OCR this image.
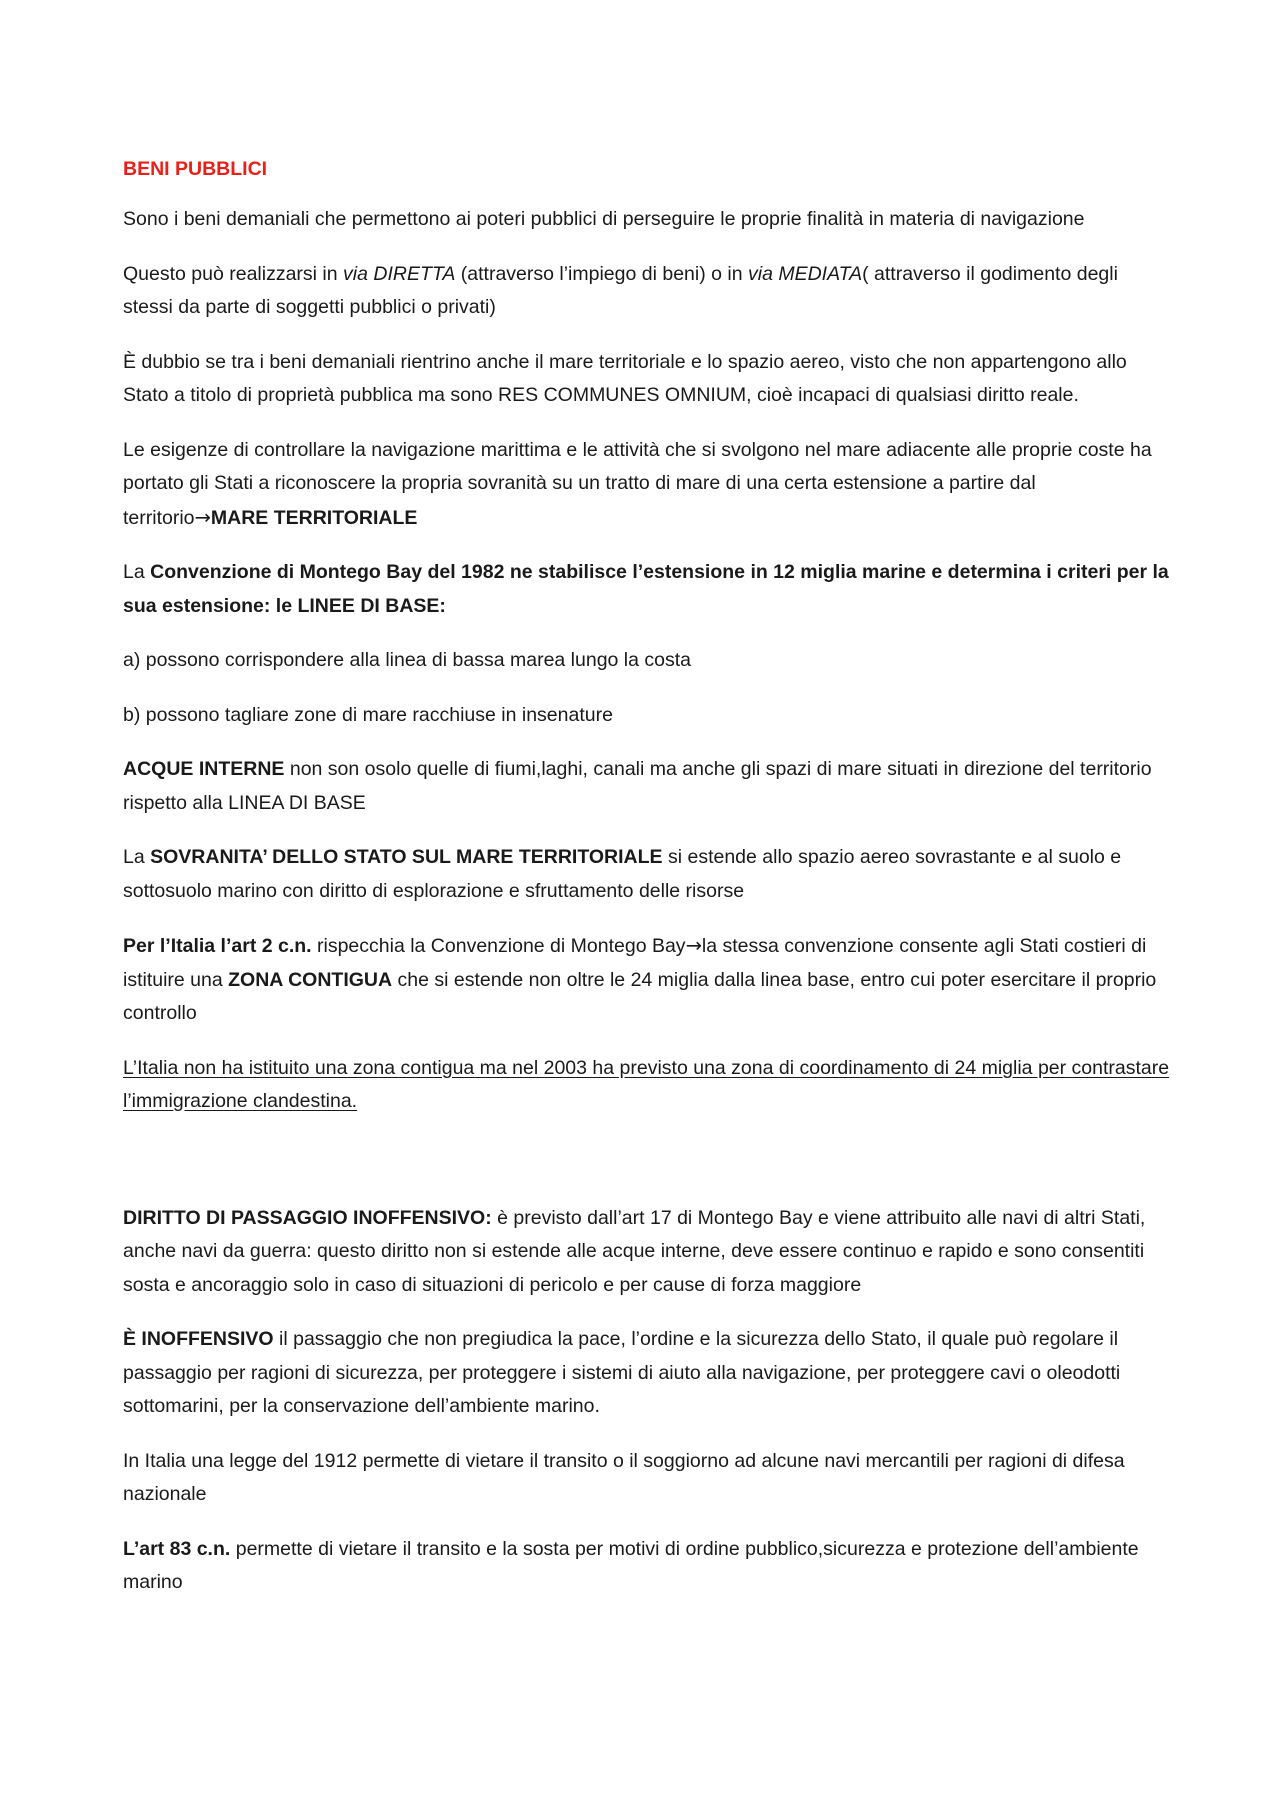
BENI PUBBLICI

Sono i beni demaniali che permettono ai poteri pubblici di perseguire le proprie finalità in materia di navigazione

Questo può realizzarsi in via DIRETTA (attraverso l’impiego di beni) o in via MEDIATA( attraverso il godimento degli stessi da parte di soggetti pubblici o privati)

È dubbio se tra i beni demaniali rientrino anche il mare territoriale e lo spazio aereo, visto che non appartengono allo Stato a titolo di proprietà pubblica ma sono RES COMMUNES OMNIUM, cioè incapaci di qualsiasi diritto reale.

Le esigenze di controllare la navigazione marittima e le attività che si svolgono nel mare adiacente alle proprie coste ha portato gli Stati a riconoscere la propria sovranità su un tratto di mare di una certa estensione a partire dal territorio→MARE TERRITORIALE

La Convenzione di Montego Bay del 1982 ne stabilisce l’estensione in 12 miglia marine e determina i criteri per la sua estensione: le LINEE DI BASE:

a) possono corrispondere alla linea di bassa marea lungo la costa

b) possono tagliare zone di mare racchiuse in insenature

ACQUE INTERNE non son osolo quelle di fiumi,laghi, canali ma anche gli spazi di mare situati in direzione del territorio rispetto alla LINEA DI BASE

La SOVRANITA’ DELLO STATO SUL MARE TERRITORIALE si estende allo spazio aereo sovrastante e al suolo e sottosuolo marino con diritto di esplorazione e sfruttamento delle risorse

Per l’Italia l’art 2 c.n. rispecchia la Convenzione di Montego Bay→la stessa convenzione consente agli Stati costieri di istituire una ZONA CONTIGUA che si estende non oltre le 24 miglia dalla linea base, entro cui poter esercitare il proprio controllo

L’Italia non ha istituito una zona contigua ma nel 2003 ha previsto una zona di coordinamento di 24 miglia per contrastare l’immigrazione clandestina.

DIRITTO DI PASSAGGIO INOFFENSIVO: è previsto dall’art 17 di Montego Bay e viene attribuito alle navi di altri Stati, anche navi da guerra: questo diritto non si estende alle acque interne, deve essere continuo e rapido e sono consentiti sosta e ancoraggio solo in caso di situazioni di pericolo e per cause di forza maggiore

È INOFFENSIVO il passaggio che non pregiudica la pace, l’ordine e la sicurezza dello Stato, il quale può regolare il passaggio per ragioni di sicurezza, per proteggere i sistemi di aiuto alla navigazione, per proteggere cavi o oleodotti sottomarini, per la conservazione dell’ambiente marino.

In Italia una legge del 1912 permette di vietare il transito o il soggiorno ad alcune navi mercantili per ragioni di difesa nazionale

L’art 83 c.n. permette di vietare il transito e la sosta per motivi di ordine pubblico,sicurezza e protezione dell’ambiente marino
